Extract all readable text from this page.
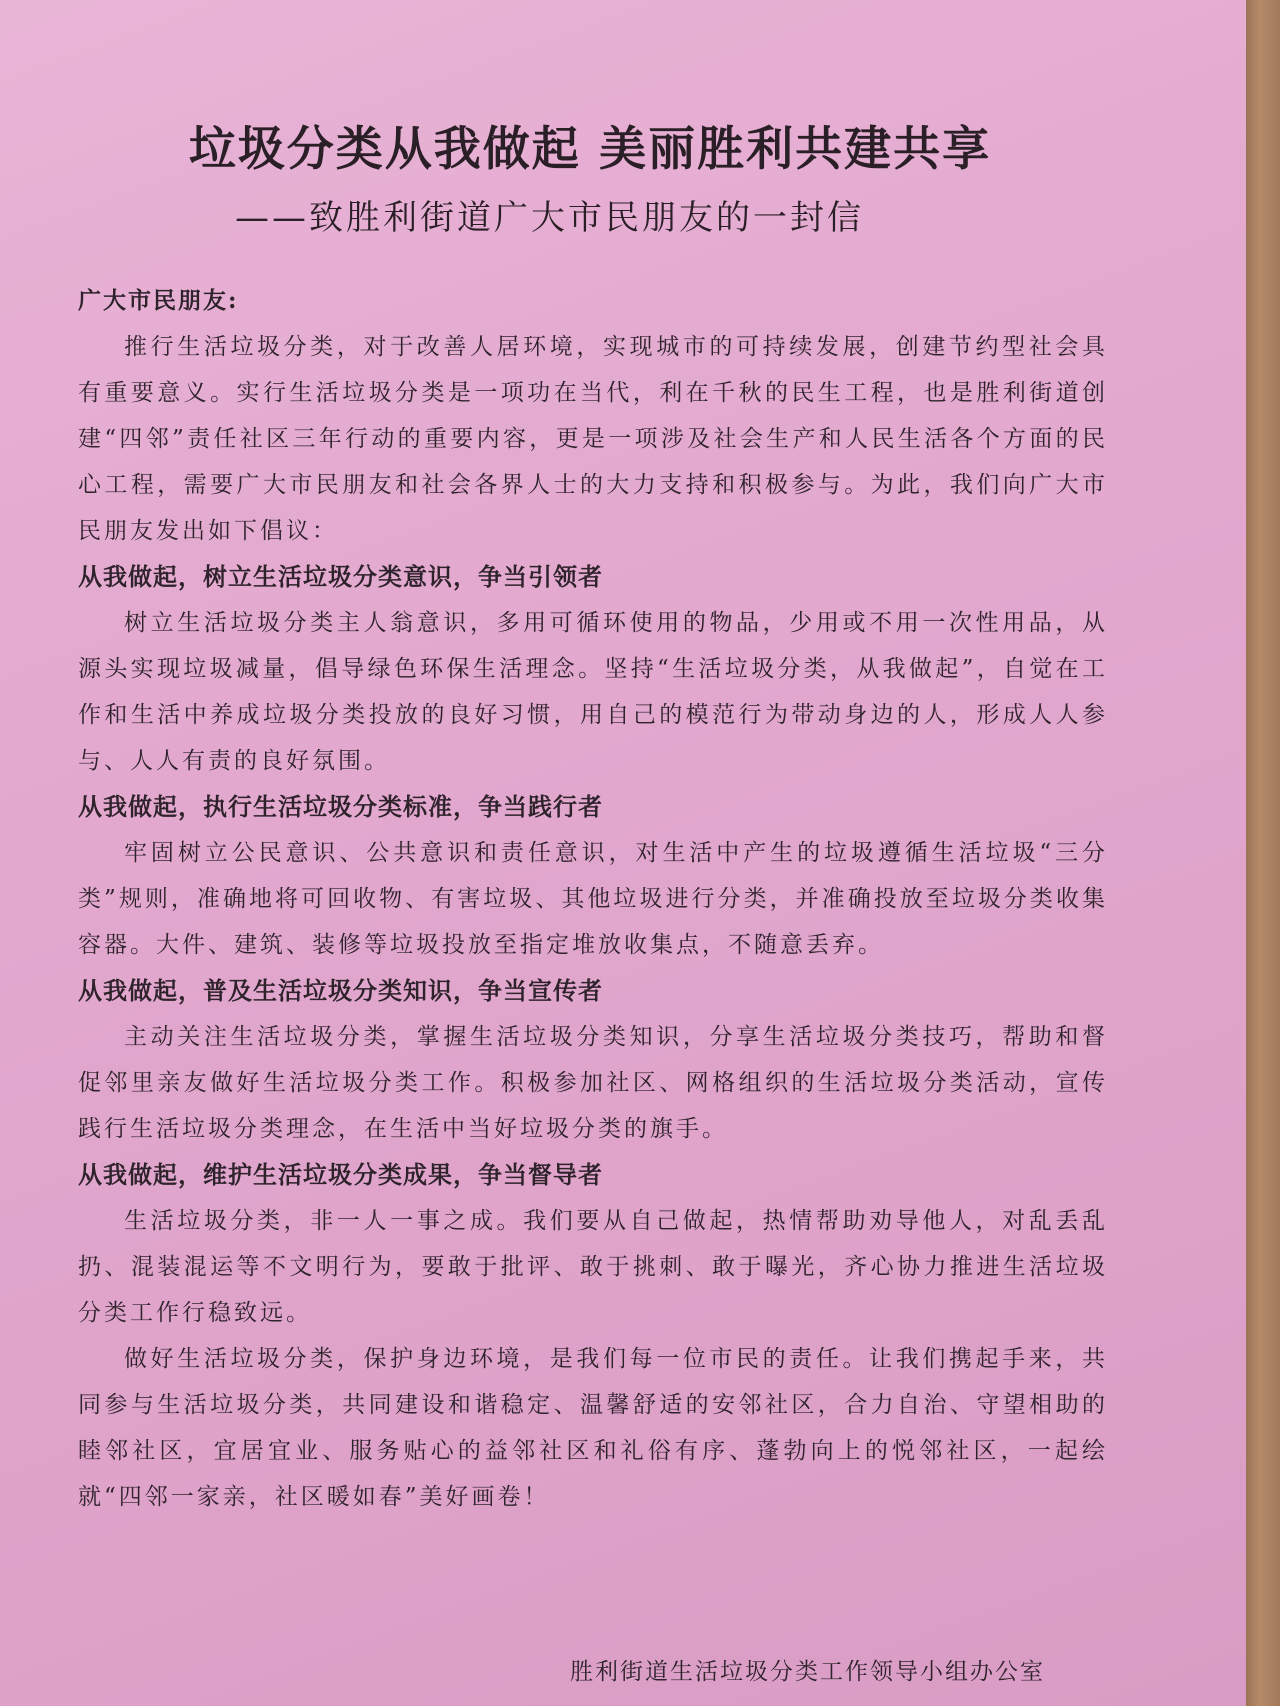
垃圾分类从我做起 美丽胜利共建共享
——致胜利街道广大市民朋友的一封信
广大市民朋友:

推行生活垃圾分类，对于改善人居环境，实现城市的可持续发展，创建节约型社会具有重要意义。实行生活垃圾分类是一项功在当代，利在千秋的民生工程，也是胜利街道创建“四邻”责任社区三年行动的重要内容，更是一项涉及社会生产和人民生活各个方面的民心工程，需要广大市民朋友和社会各界人士的大力支持和积极参与。为此，我们向广大市民朋友发出如下倡议：

从我做起，树立生活垃圾分类意识，争当引领者

树立生活垃圾分类主人翁意识，多用可循环使用的物品，少用或不用一次性用品，从源头实现垃圾减量，倡导绿色环保生活理念。坚持“生活垃圾分类，从我做起”，自觉在工作和生活中养成垃圾分类投放的良好习惯，用自己的模范行为带动身边的人，形成人人参与、人人有责的良好氛围。

从我做起，执行生活垃圾分类标准，争当践行者

牢固树立公民意识、公共意识和责任意识，对生活中产生的垃圾遵循生活垃圾“三分类”规则，准确地将可回收物、有害垃圾、其他垃圾进行分类，并准确投放至垃圾分类收集容器。大件、建筑、装修等垃圾投放至指定堆放收集点，不随意丢弃。

从我做起，普及生活垃圾分类知识，争当宣传者

主动关注生活垃圾分类，掌握生活垃圾分类知识，分享生活垃圾分类技巧，帮助和督促邻里亲友做好生活垃圾分类工作。积极参加社区、网格组织的生活垃圾分类活动，宣传践行生活垃圾分类理念，在生活中当好垃圾分类的旗手。

从我做起，维护生活垃圾分类成果，争当督导者

生活垃圾分类，非一人一事之成。我们要从自己做起，热情帮助劝导他人，对乱丢乱扔、混装混运等不文明行为，要敢于批评、敢于挑刺、敢于曝光，齐心协力推进生活垃圾分类工作行稳致远。

做好生活垃圾分类，保护身边环境，是我们每一位市民的责任。让我们携起手来，共同参与生活垃圾分类，共同建设和谐稳定、温馨舒适的安邻社区，合力自治、守望相助的睦邻社区，宜居宜业、服务贴心的益邻社区和礼俗有序、蓬勃向上的悦邻社区，一起绘就“四邻一家亲，社区暖如春”美好画卷！

胜利街道生活垃圾分类工作领导小组办公室
